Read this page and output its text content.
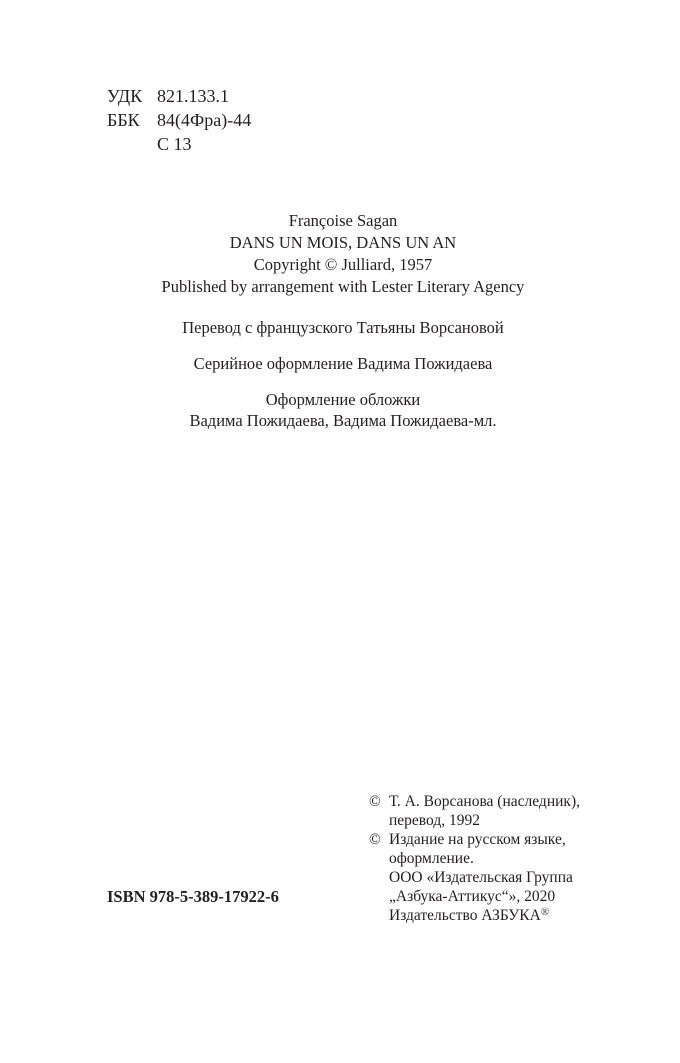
УДК 821.133.1
ББК 84(4Фра)-44
С 13
Françoise Sagan
DANS UN MOIS, DANS UN AN
Copyright © Julliard, 1957
Published by arrangement with Lester Literary Agency
Перевод с французского Татьяны Ворсановой
Серийное оформление Вадима Пожидаева
Оформление обложки
Вадима Пожидаева, Вадима Пожидаева-мл.
© Т. А. Ворсанова (наследник),
перевод, 1992
© Издание на русском языке,
оформление.
ООО «Издательская Группа
„Азбука-Аттикус“», 2020
Издательство АЗБУКА®
ISBN 978-5-389-17922-6
